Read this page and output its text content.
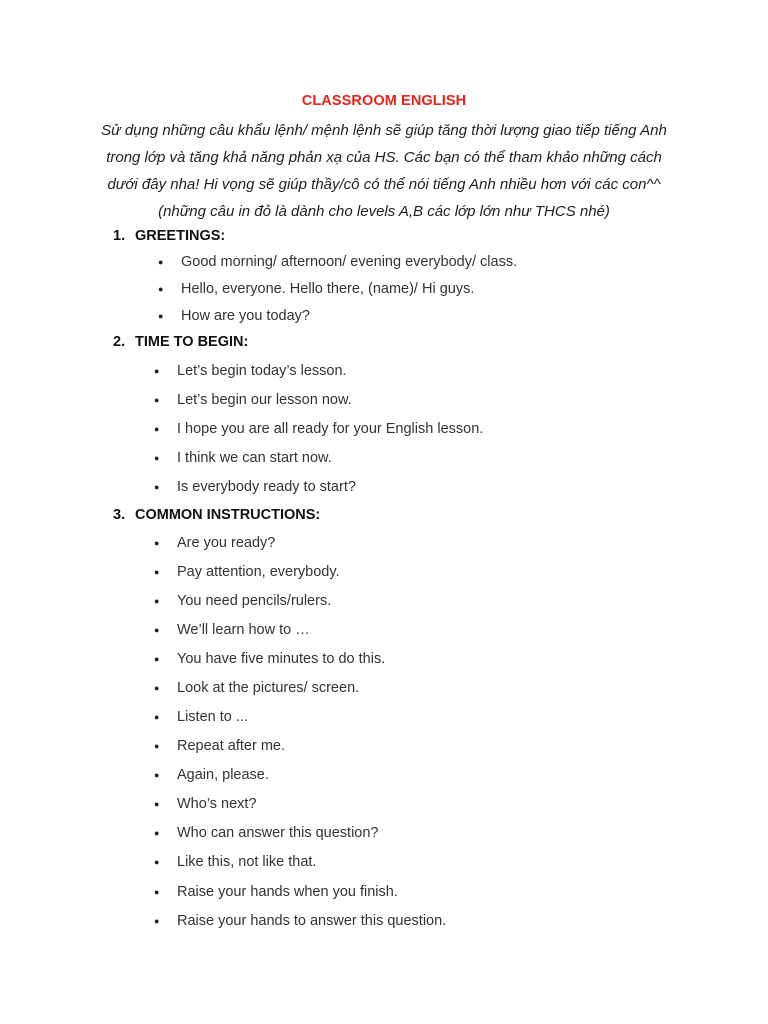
CLASSROOM ENGLISH

Sử dụng những câu khẩu lệnh/ mệnh lệnh sẽ giúp tăng thời lượng giao tiếp tiếng Anh

trong lớp và tăng khả năng phản xạ của HS. Các bạn có thể tham khảo những cách

dưới đây nha! Hi vọng sẽ giúp thầy/cô có thể nói tiếng Anh nhiều hơn với các con^^

(những câu in đỏ là dành cho levels A,B các lớp lớn như THCS nhé)

1. GREETINGS:
● Good morning/ afternoon/ evening everybody/ class.
● Hello, everyone. Hello there, (name)/ Hi guys.
● How are you today?
2. TIME TO BEGIN:
● Let’s begin today’s lesson.
● Let’s begin our lesson now.
● I hope you are all ready for your English lesson.
● I think we can start now.
● Is everybody ready to start?
3. COMMON INSTRUCTIONS:
● Are you ready?
● Pay attention, everybody.
● You need pencils/rulers.
● We’ll learn how to …
● You have five minutes to do this.
● Look at the pictures/ screen.
● Listen to ...
● Repeat after me.
● Again, please.
● Who’s next?
● Who can answer this question?
● Like this, not like that.
● Raise your hands when you finish.
● Raise your hands to answer this question.
